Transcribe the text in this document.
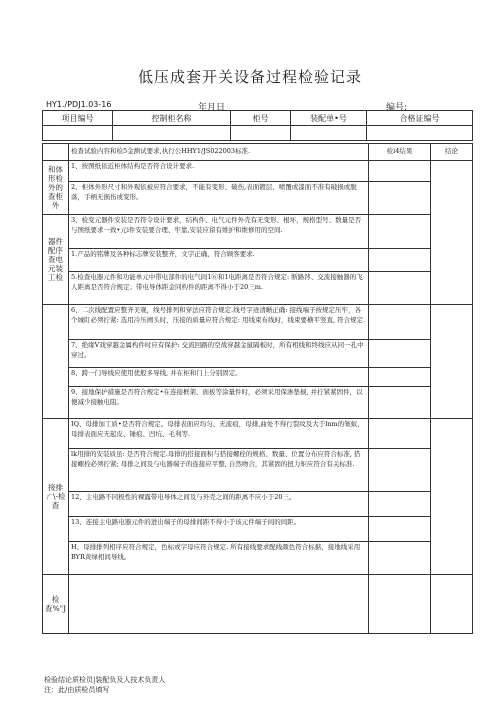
低压成套开关设备过程检验记录
HY1./PDJ1.03-16	年月日	编号:
项目编号	控制柜名称	柜号	装配单•号	合格证编号

	检查试验内容和检5金测试要求,执行公HHY1/JS022003标准.	检i4结果	结论
和体形检外的查柜外	1、按图纸依近柜体结构是否符合设计要求.		
	2、柜体外形尺寸和外观依被应符合要求，不能有变形、破伤,表面镀层、喷覆或漆面不准有破损或脱落，手柄无损伤或变形。		
器件配序查电元装工检	3、检变元器件安装是否符令设计要求，结构件、电气元件外壳有无变形、根坏，规格型号、数量是否与图纸要求一致•元i件安装要合理、牢靠,安装应留有维护和维修用的空间.		
	1.产品的铭牌及各种标志牌安装整齐，文字正确，符合顾客要求.		
	5.检查电器元件和功能单元中带电部件的电气间1⑥和1电距离是否符合规定: 断路涔、交流接触器的飞人距离是否符合规定；带电导体距金同构件的距离不得小于20三m.		
	6、二次线配置应整齐美观，线号排列和穿法应符合规定.线号字迹清晰正确: 接线端子按规定压牢，各个城盯必须拧紧: 选用冷压阐头时，压接的质量应符合规定: 用线束布线时，线束要横平竖直, 符合规定.		
	7、绝缘V戏穿越金属构件时应有保护: 交流回路的空战穿越金鼠隔板时，所有相线和终线应从同一孔中穿过。		
	8、跨一门导线应使用优般多导线, 并在柜和门上分别固定。		
	9、接地保护措施是否符合规定•在连接框架、面板等涂量件时，必须采用保渗垫棂, 并拧紧紧固件，以便减少接触电阻。		
接排ㄏ\-检查	IQ、母排加工质•是否符合规定。母排表面应均匀、无流痕，母排,曲处不得行裂纹及大于lnm的皱蚁，母排表面应无起皮、锤痕、凹坑、毛利等.		
	lk用排的安装质虽: 是否符合规定.母排的搭接面积与搭接螺栓的规格、数量、位置分布应符合标准, 搭接螺栓必须拧紧; 母排之间及与电器端子的连接应平整, 自然吻合，其紧固的扭力矩应符合有关标准.		
	12、主电路不同极性的裸露带电导体之间及与外壳之间的距离不应小于20三。		
	13、连接主电路电器元件的进出端子的母排间距不得小于该元件端子间的间距。		
	H、母排排列相序应符合规定，色标或字母应符合规定. 所有接线要求配线颜色符合标掂，接地线采用BYR黄绿相间导线。		
检查%"J			
检验结论质检员|装配负及人技术负责人
注：此/由质检员填写
